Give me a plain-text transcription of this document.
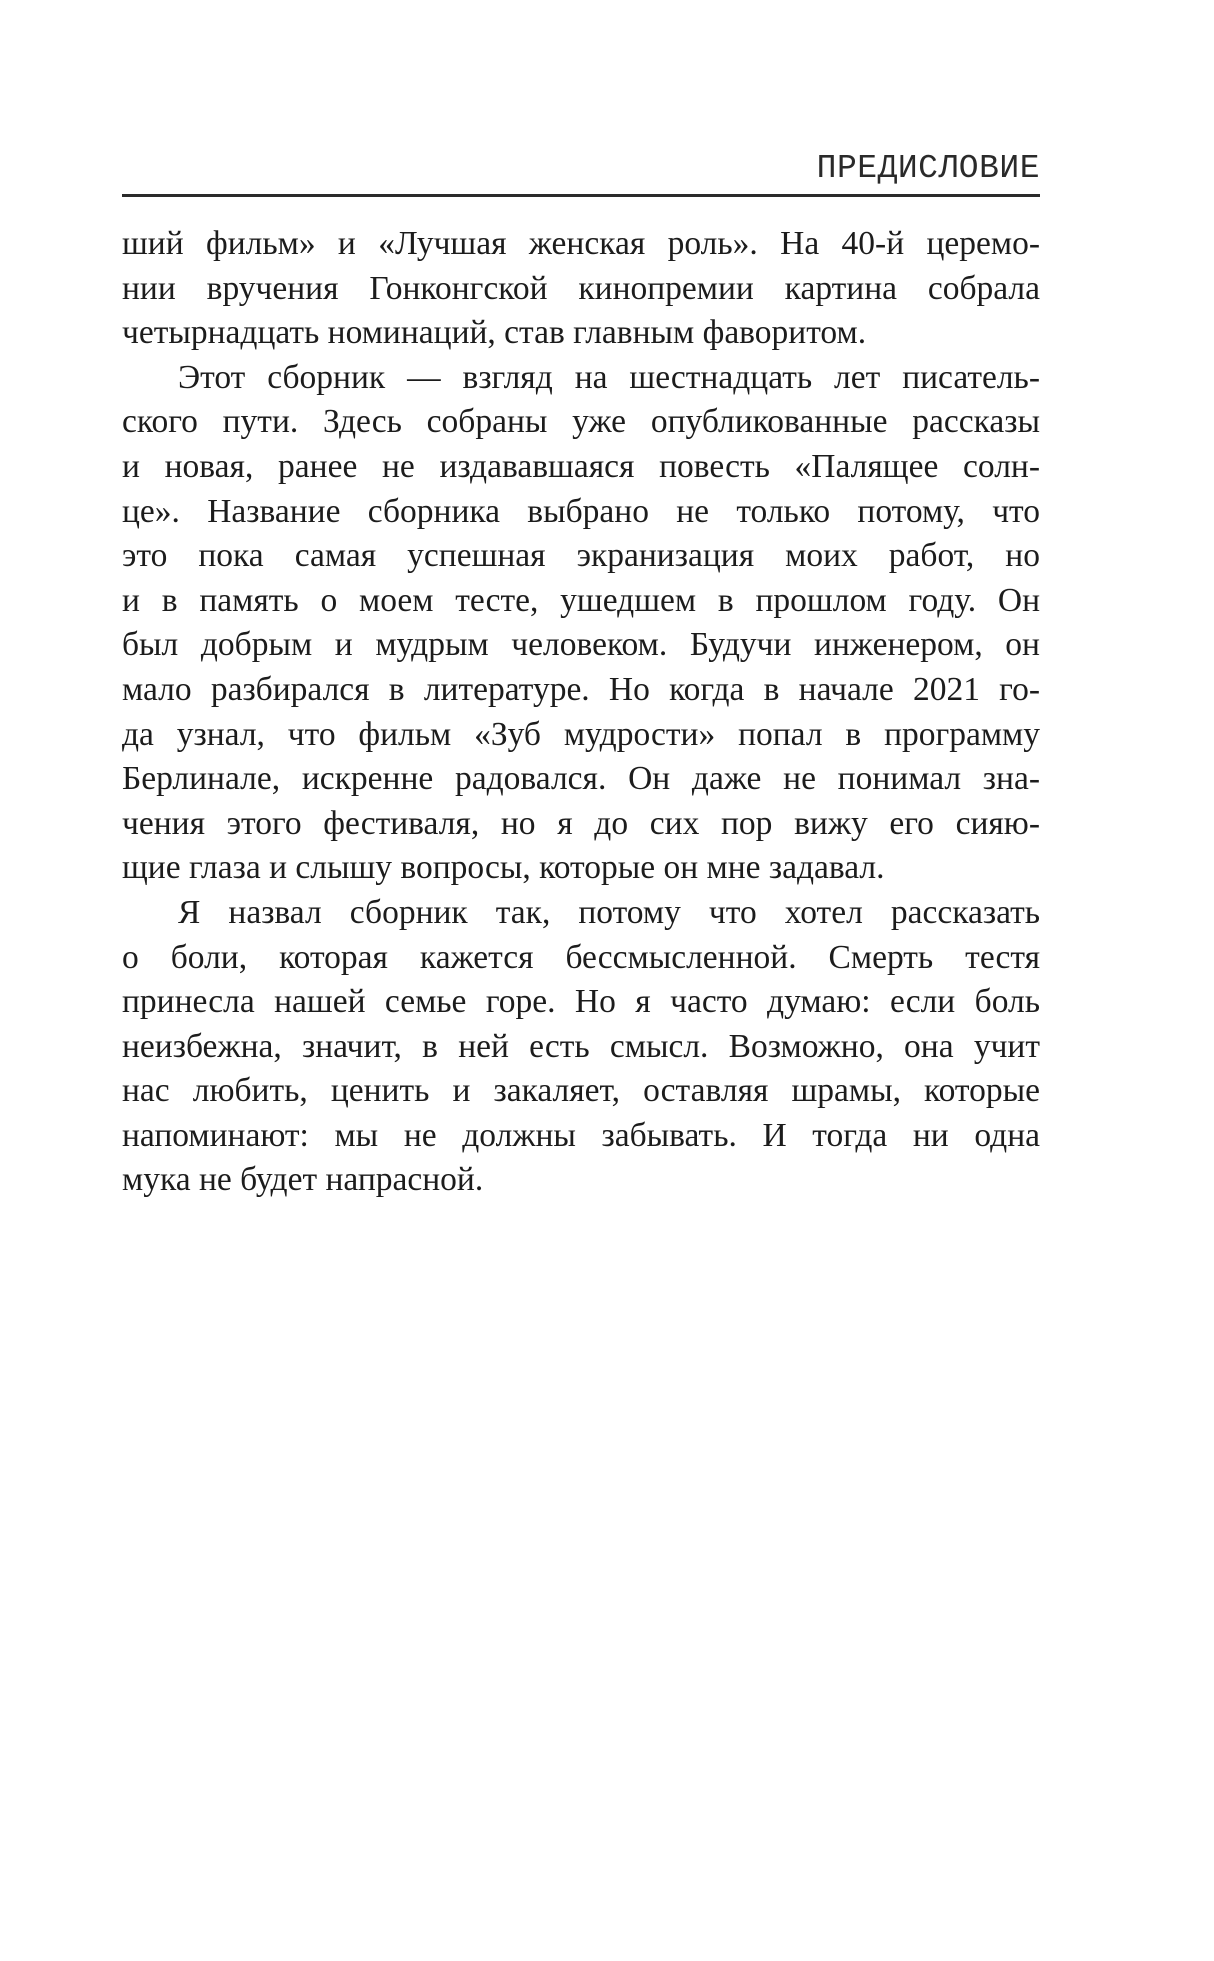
ПРЕДИСЛОВИЕ
ший фильм» и «Лучшая женская роль». На 40-й церемо-
нии вручения Гонконгской кинопремии картина собрала
четырнадцать номинаций, став главным фаворитом.
Этот сборник — взгляд на шестнадцать лет писатель-
ского пути. Здесь собраны уже опубликованные рассказы
и новая, ранее не издававшаяся повесть «Палящее солн-
це». Название сборника выбрано не только потому, что
это пока самая успешная экранизация моих работ, но
и в память о моем тесте, ушедшем в прошлом году. Он
был добрым и мудрым человеком. Будучи инженером, он
мало разбирался в литературе. Но когда в начале 2021 го-
да узнал, что фильм «Зуб мудрости» попал в программу
Берлинале, искренне радовался. Он даже не понимал зна-
чения этого фестиваля, но я до сих пор вижу его сияю-
щие глаза и слышу вопросы, которые он мне задавал.
Я назвал сборник так, потому что хотел рассказать
о боли, которая кажется бессмысленной. Смерть тестя
принесла нашей семье горе. Но я часто думаю: если боль
неизбежна, значит, в ней есть смысл. Возможно, она учит
нас любить, ценить и закаляет, оставляя шрамы, которые
напоминают: мы не должны забывать. И тогда ни одна
мука не будет напрасной.
